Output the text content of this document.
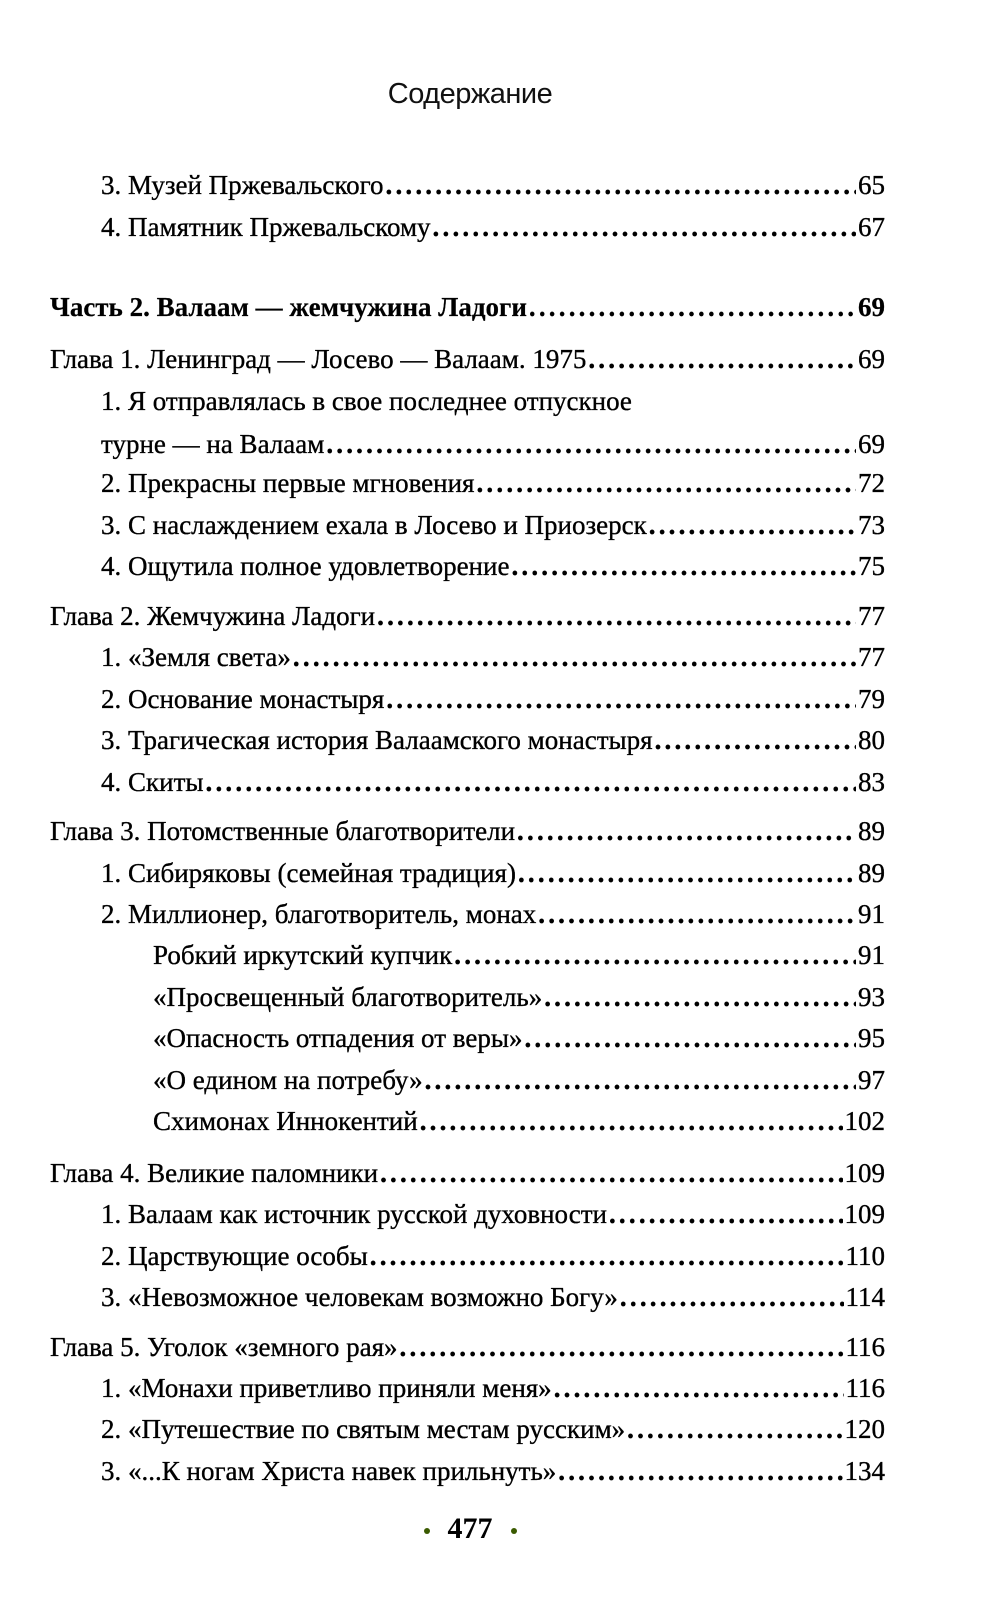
Содержание
3. Музей Пржевальского .....	65
4. Памятник Пржевальскому .....	67
Часть 2. Валаам — жемчужина Ладоги .....	69
Глава 1. Ленинград — Лосево — Валаам. 1975 .....	69
1. Я отправлялась в свое последнее отпускное
турне — на Валаам .....	69
2. Прекрасны первые мгновения .....	72
3. С наслаждением ехала в Лосево и Приозерск .....	73
4. Ощутила полное удовлетворение .....	75
Глава 2. Жемчужина Ладоги .....	77
1. «Земля света» .....	77
2. Основание монастыря .....	79
3. Трагическая история Валаамского монастыря .....	80
4. Скиты .....	83
Глава 3. Потомственные благотворители .....	89
1. Сибиряковы (семейная традиция) .....	89
2. Миллионер, благотворитель, монах .....	91
Робкий иркутский купчик .....	91
«Просвещенный благотворитель» .....	93
«Опасность отпадения от веры» .....	95
«О едином на потребу» .....	97
Схимонах Иннокентий .....	102
Глава 4. Великие паломники .....	109
1. Валаам как источник русской духовности .....	109
2. Царствующие особы .....	110
3. «Невозможное человекам возможно Богу» .....	114
Глава 5. Уголок «земного рая» .....	116
1. «Монахи приветливо приняли меня» .....	116
2. «Путешествие по святым местам русским» .....	120
3. «...К ногам Христа навек прильнуть» .....	134
477
